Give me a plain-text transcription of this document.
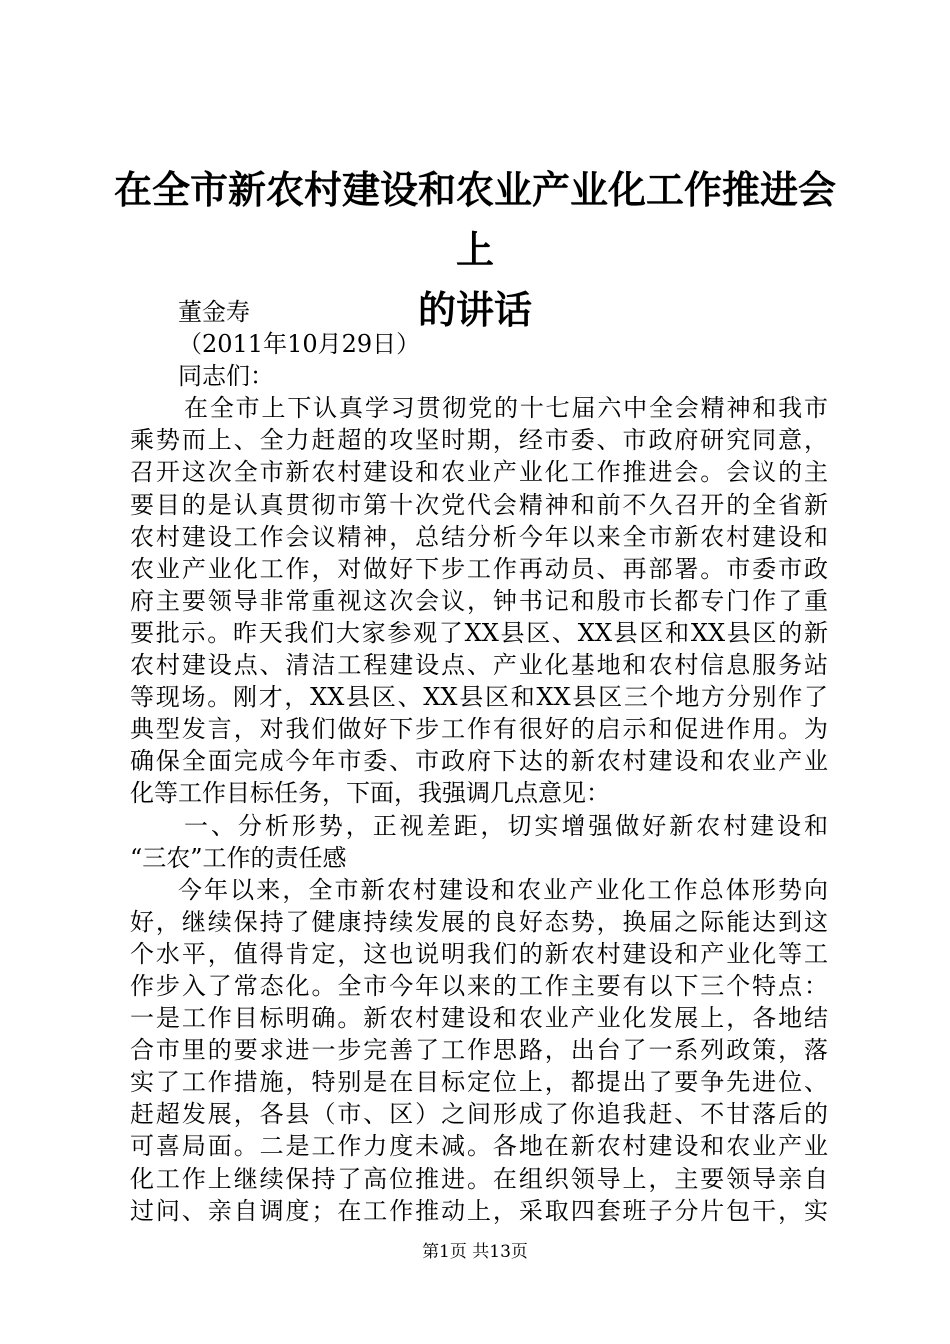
在全市新农村建设和农业产业化工作推进会上
的讲话
董金寿
（2011年10月29日）
同志们：
在全市上下认真学习贯彻党的十七届六中全会精神和我市
乘势而上、全力赶超的攻坚时期，经市委、市政府研究同意，
召开这次全市新农村建设和农业产业化工作推进会。会议的主
要目的是认真贯彻市第十次党代会精神和前不久召开的全省新
农村建设工作会议精神，总结分析今年以来全市新农村建设和
农业产业化工作，对做好下步工作再动员、再部署。市委市政
府主要领导非常重视这次会议，钟书记和殷市长都专门作了重
要批示。昨天我们大家参观了XX县区、XX县区和XX县区的新
农村建设点、清洁工程建设点、产业化基地和农村信息服务站
等现场。刚才，XX县区、XX县区和XX县区三个地方分别作了
典型发言，对我们做好下步工作有很好的启示和促进作用。为
确保全面完成今年市委、市政府下达的新农村建设和农业产业
化等工作目标任务，下面，我强调几点意见：
一、分析形势，正视差距，切实增强做好新农村建设和
“三农”工作的责任感
今年以来，全市新农村建设和农业产业化工作总体形势向
好，继续保持了健康持续发展的良好态势，换届之际能达到这
个水平，值得肯定，这也说明我们的新农村建设和产业化等工
作步入了常态化。全市今年以来的工作主要有以下三个特点：
一是工作目标明确。新农村建设和农业产业化发展上，各地结
合市里的要求进一步完善了工作思路，出台了一系列政策，落
实了工作措施，特别是在目标定位上，都提出了要争先进位、
赶超发展，各县（市、区）之间形成了你追我赶、不甘落后的
可喜局面。二是工作力度未减。各地在新农村建设和农业产业
化工作上继续保持了高位推进。在组织领导上，主要领导亲自
过问、亲自调度；在工作推动上，采取四套班子分片包干，实
第1页 共13页
